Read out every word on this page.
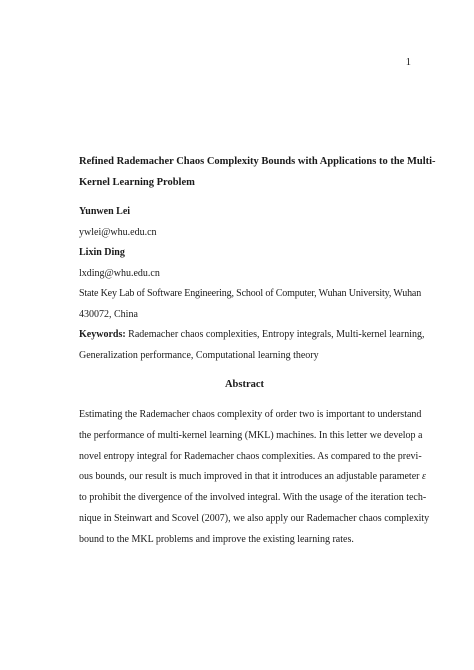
1
Refined Rademacher Chaos Complexity Bounds with Applications to the Multi-
Kernel Learning Problem
Yunwen Lei
ywlei@whu.edu.cn
Lixin Ding
lxding@whu.edu.cn
State Key Lab of Software Engineering, School of Computer, Wuhan University, Wuhan
430072, China
Keywords: Rademacher chaos complexities, Entropy integrals, Multi-kernel learning,
Generalization performance, Computational learning theory
Abstract
Estimating the Rademacher chaos complexity of order two is important to understand
the performance of multi-kernel learning (MKL) machines. In this letter we develop a
novel entropy integral for Rademacher chaos complexities. As compared to the previ-
ous bounds, our result is much improved in that it introduces an adjustable parameter ε
to prohibit the divergence of the involved integral. With the usage of the iteration tech-
nique in Steinwart and Scovel (2007), we also apply our Rademacher chaos complexity
bound to the MKL problems and improve the existing learning rates.
